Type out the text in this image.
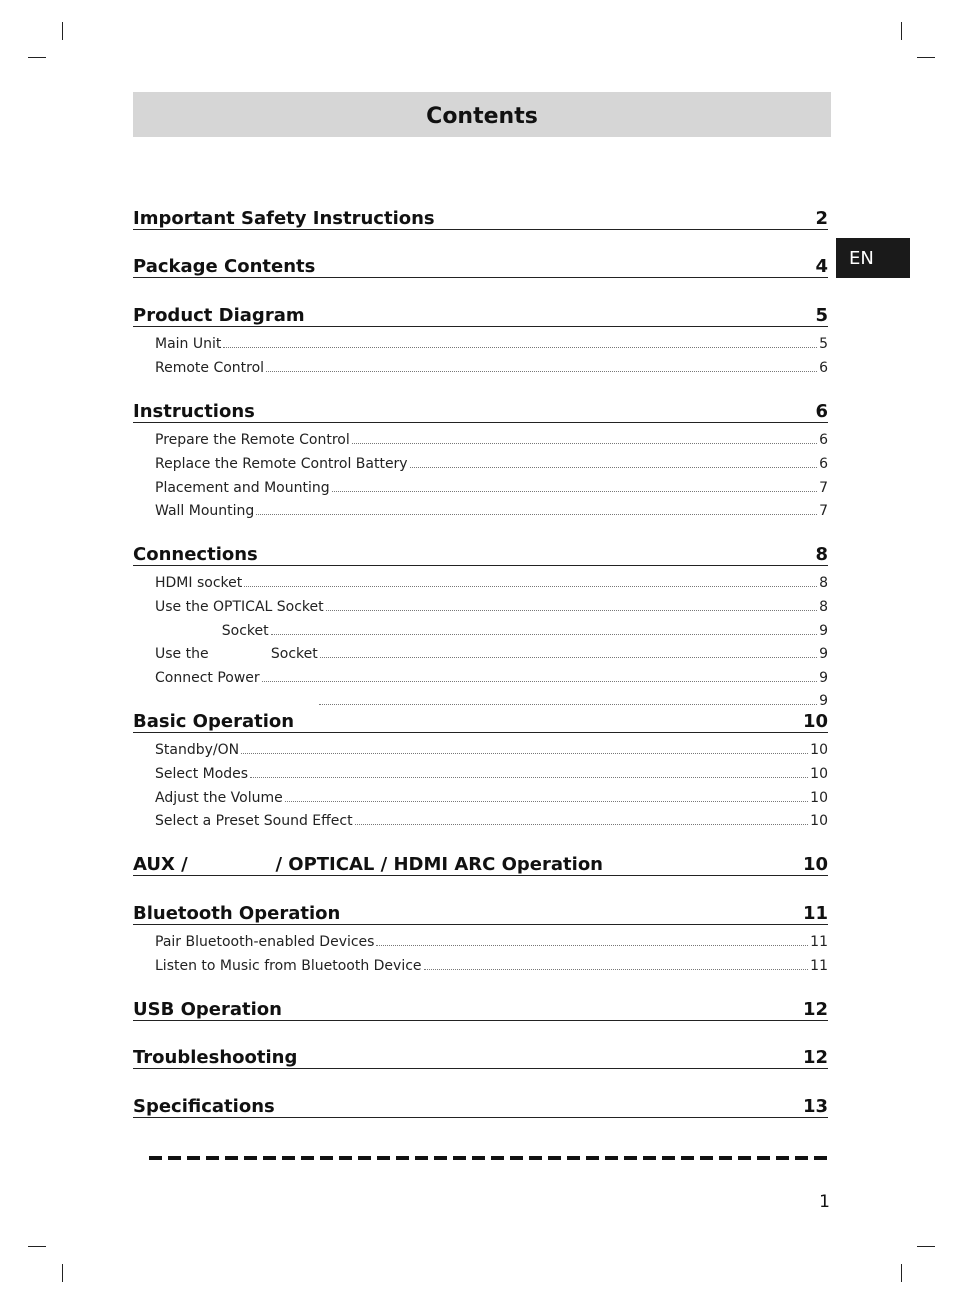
Contents
EN
Important Safety Instructions	2
Package Contents	4
Product Diagram	5
Main Unit	5
Remote Control	6
Instructions	6
Prepare the Remote Control	6
Replace the Remote Control Battery	6
Placement and Mounting	7
Wall Mounting	7
Connections	8
HDMI socket	8
Use the OPTICAL Socket	8
Socket	9
Use the              Socket	9
Connect Power	9
9
Basic Operation	10
Standby/ON	10
Select Modes	10
Adjust the Volume	10
Select a Preset Sound Effect	10
AUX /              / OPTICAL / HDMI ARC Operation	10
Bluetooth Operation	11
Pair Bluetooth-enabled Devices	11
Listen to Music from Bluetooth Device	11
USB Operation	12
Troubleshooting	12
Specifications	13
1
